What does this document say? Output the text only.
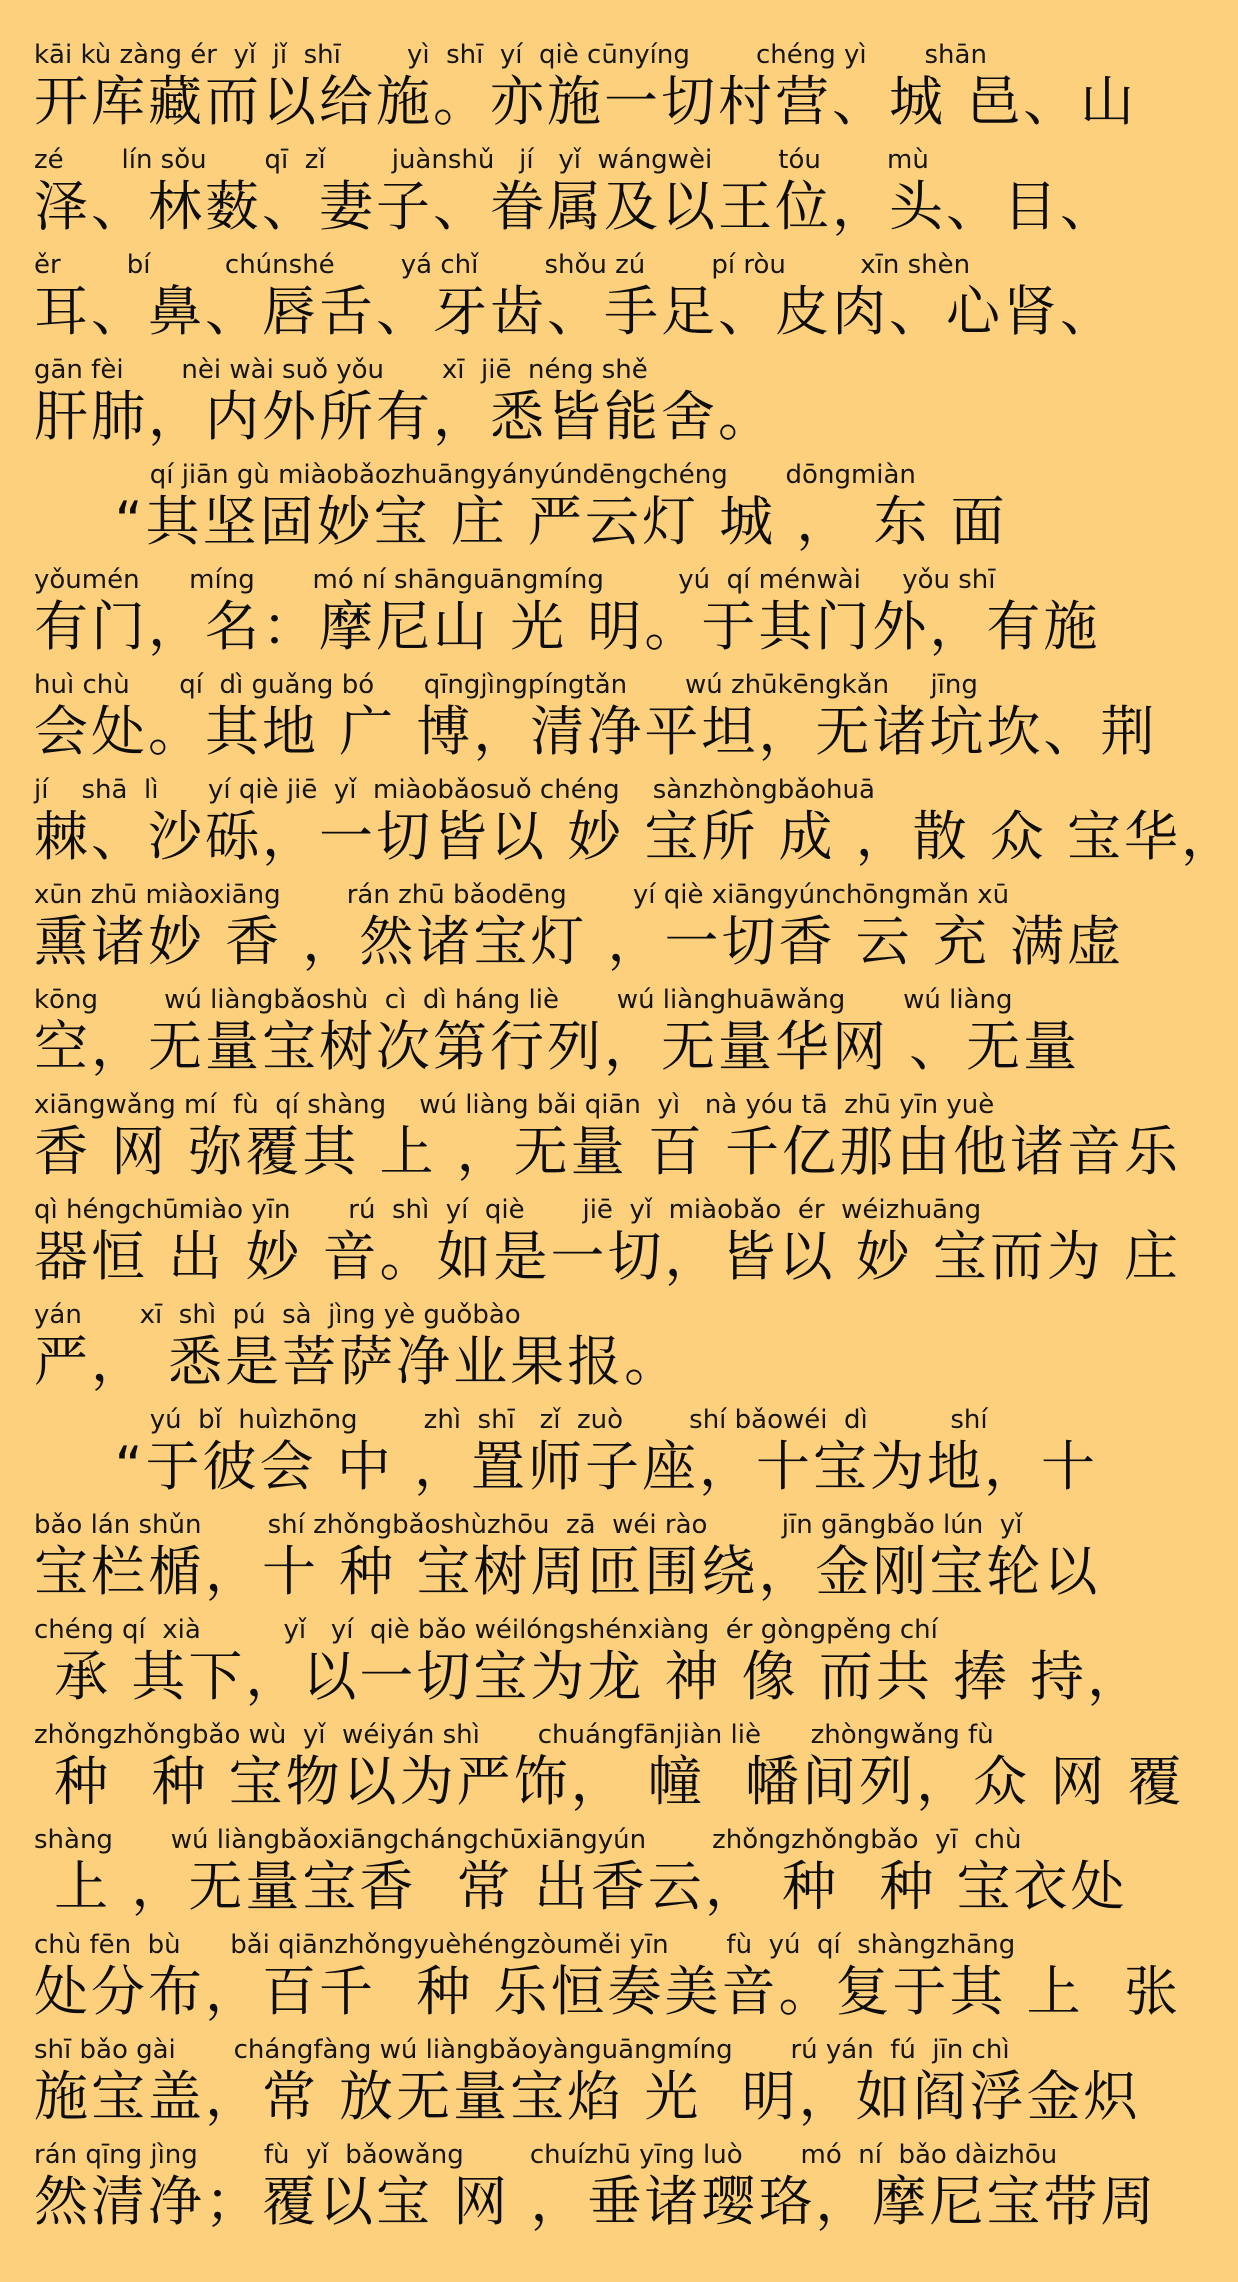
kāi kù zàng ér  yǐ  jǐ  shī        yì  shī  yí  qiè cūnyíng        chéng yì       shān
开库藏而以给施。亦施一切村营、城 邑、山
zé       lín sǒu       qī  zǐ        juànshǔ   jí   yǐ  wángwèi        tóu        mù
泽、林薮、妻子、眷属及以王位，头、目、
ěr        bí         chúnshé        yá chǐ        shǒu zú        pí ròu         xīn shèn
耳、鼻、唇舌、牙齿、手足、皮肉、心肾、
gān fèi       nèi wài suǒ yǒu       xī  jiē  néng shě
肝肺，内外所有，悉皆能舍。
qí jiān gù miàobǎozhuāngyányúndēngchéng       dōngmiàn
“其坚固妙宝 庄 严云灯 城 ， 东 面
yǒumén      míng       mó ní shānguāngmíng         yú  qí ménwài     yǒu shī
有门，名：摩尼山 光 明。于其门外，有施
huì chù      qí  dì guǎng bó      qīngjìngpíngtǎn       wú zhūkēngkǎn     jīng
会处。其地 广 博，清净平坦，无诸坑坎、荆
jí    shā  lì      yí qiè jiē  yǐ  miàobǎosuǒ chéng    sànzhòngbǎohuā
棘、沙砾，一切皆以 妙 宝所 成 ，散 众 宝华，
xūn zhū miàoxiāng        rán zhū bǎodēng        yí qiè xiāngyúnchōngmǎn xū
熏诸妙 香 ，然诸宝灯 ，一切香 云 充 满虚
kōng        wú liàngbǎoshù  cì  dì háng liè       wú liànghuāwǎng       wú liàng
空，无量宝树次第行列，无量华网 、无量
xiāngwǎng mí  fù  qí shàng    wú liàng bǎi qiān  yì   nà yóu tā  zhū yīn yuè
香 网 弥覆其 上 ，无量 百 千亿那由他诸音乐
qì héngchūmiào yīn       rú  shì  yí  qiè       jiē  yǐ  miàobǎo  ér  wéizhuāng
器恒 出 妙 音。如是一切，皆以 妙 宝而为 庄
yán       xī  shì  pú  sà  jìng yè guǒbào
严， 悉是菩萨净业果报。
yú  bǐ  huìzhōng        zhì  shī   zǐ  zuò        shí bǎowéi  dì          shí
“于彼会 中 ，置师子座，十宝为地，十
bǎo lán shǔn        shí zhǒngbǎoshùzhōu  zā  wéi rào         jīn gāngbǎo lún  yǐ
宝栏楯，十 种 宝树周匝围绕，金刚宝轮以
chéng qí  xià          yǐ   yí  qiè bǎo wéilóngshénxiàng  ér gòngpěng chí
承 其下，以一切宝为龙 神 像 而共 捧 持，
zhǒngzhǒngbǎo wù  yǐ  wéiyán shì       chuángfānjiàn liè      zhòngwǎng fù
种  种 宝物以为严饰， 幢  幡间列，众 网 覆
shàng       wú liàngbǎoxiāngchángchūxiāngyún        zhǒngzhǒngbǎo  yī  chù
上 ，无量宝香  常 出香云， 种  种 宝衣处
chù fēn  bù      bǎi qiānzhǒngyuèhéngzòuměi yīn       fù  yú  qí  shàngzhāng
处分布，百千  种 乐恒奏美音。复于其 上  张
shī bǎo gài       chángfàng wú liàngbǎoyànguāngmíng       rú yán  fú  jīn chì
施宝盖，常 放无量宝焰 光  明，如阎浮金炽
rán qīng jìng        fù  yǐ  bǎowǎng        chuízhū yīng luò       mó  ní  bǎo dàizhōu
然清净；覆以宝 网 ，垂诸璎珞，摩尼宝带周
